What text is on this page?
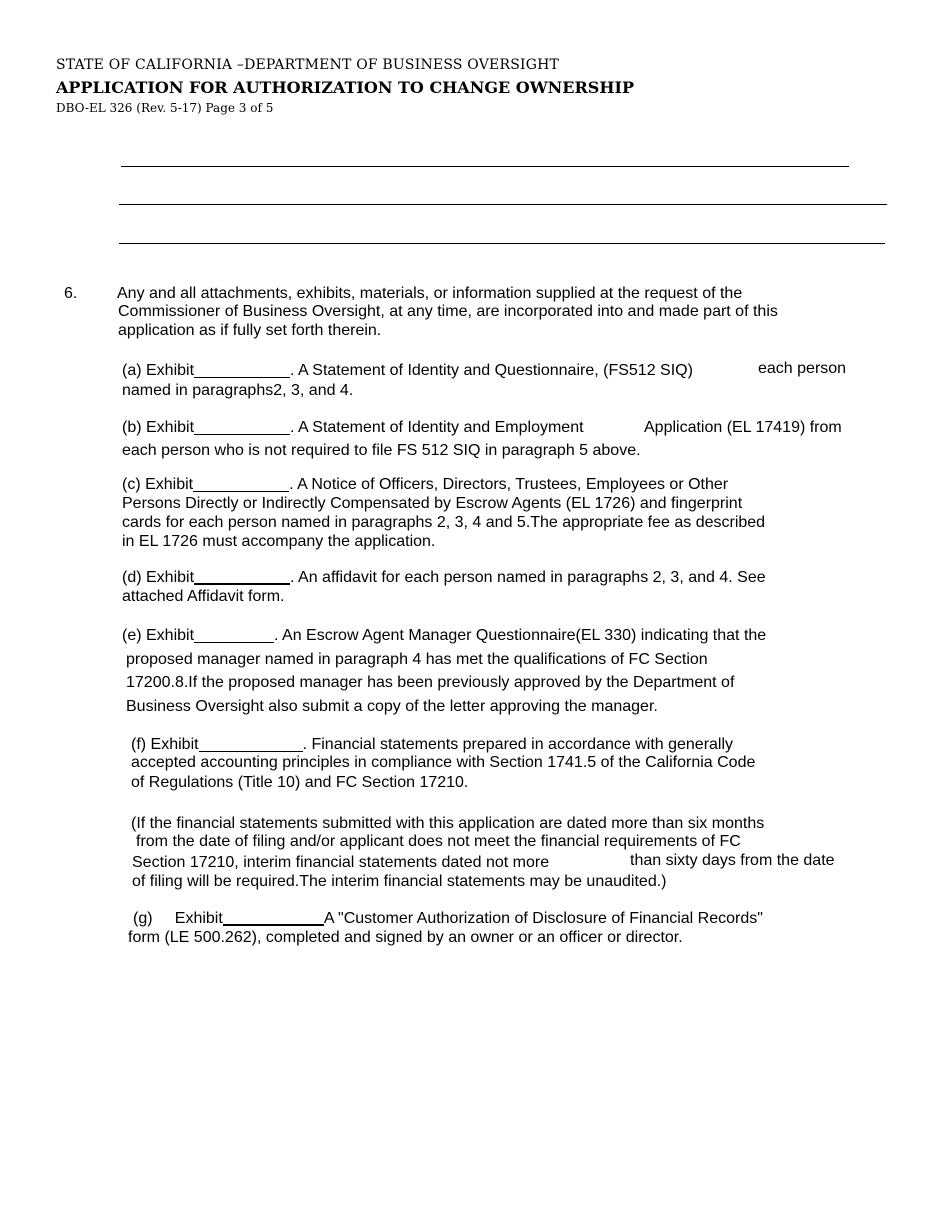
STATE OF CALIFORNIA –DEPARTMENT OF BUSINESS OVERSIGHT
APPLICATION FOR AUTHORIZATION TO CHANGE OWNERSHIP
DBO-EL 326 (Rev. 5-17) Page 3 of 5
6. Any and all attachments, exhibits, materials, or information supplied at the request of the
Commissioner of Business Oversight, at any time, are incorporated into and made part of this
application as if fully set forth therein.
(a) Exhibit	. A Statement of Identity and Questionnaire, (FS512 SIQ)	each person
named in paragraphs2, 3, and 4.
(b) Exhibit	. A Statement of Identity and Employment	Application (EL 17419) from
each person who is not required to file FS 512 SIQ in paragraph 5 above.
(c) Exhibit	. A Notice of Officers, Directors, Trustees, Employees or Other
Persons Directly or Indirectly Compensated by Escrow Agents (EL 1726) and fingerprint
cards for each person named in paragraphs 2, 3, 4 and 5.The appropriate fee as described
in EL 1726 must accompany the application.
(d) Exhibit	. An affidavit for each person named in paragraphs 2, 3, and 4. See
attached Affidavit form.
(e) Exhibit	. An Escrow Agent Manager Questionnaire(EL 330) indicating that the
proposed manager named in paragraph 4 has met the qualifications of FC Section
17200.8.If the proposed manager has been previously approved by the Department of
Business Oversight also submit a copy of the letter approving the manager.
(f) Exhibit	. Financial statements prepared in accordance with generally
accepted accounting principles in compliance with Section 1741.5 of the California Code
of Regulations (Title 10) and FC Section 17210.
(If the financial statements submitted with this application are dated more than six months
from the date of filing and/or applicant does not meet the financial requirements of FC
Section 17210, interim financial statements dated not more	than sixty days from the date
of filing will be required.The interim financial statements may be unaudited.)
(g)     Exhibit	A "Customer Authorization of Disclosure of Financial Records"
form (LE 500.262), completed and signed by an owner or an officer or director.
